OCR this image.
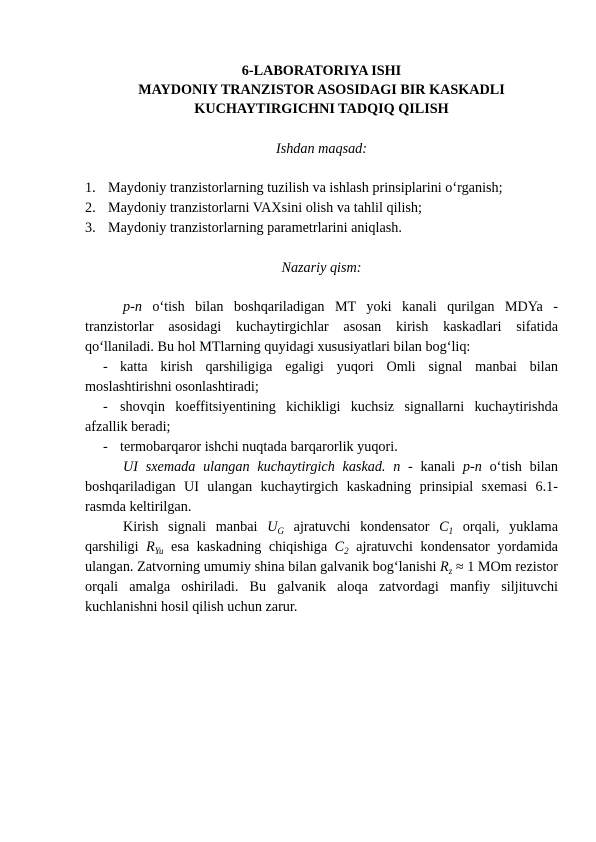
6-LABORATORIYA ISHI
MAYDONIY TRANZISTOR ASOSIDAGI BIR KASKADLI
KUCHAYTIRGICHNI TADQIQ QILISH
Ishdan maqsad:
1. Maydoniy tranzistorlarning tuzilish va ishlash prinsiplarini o‘rganish;
2. Maydoniy tranzistorlarni VAXsini olish va tahlil qilish;
3. Maydoniy tranzistorlarning parametrlarini aniqlash.
Nazariy qism:

p-n o‘tish bilan boshqariladigan MT yoki kanali qurilgan MDYa - tranzistorlar asosidagi kuchaytirgichlar asosan kirish kaskadlari sifatida qo‘llaniladi. Bu hol MTlarning quyidagi xususiyatlari bilan bog‘liq:

- katta kirish qarshiligiga egaligi yuqori Omli signal manbai bilan moslashtirishni osonlashtiradi;

- shovqin koeffitsiyentining kichikligi kuchsiz signallarni kuchaytirishda afzallik beradi;

- termobarqaror ishchi nuqtada barqarorlik yuqori.

UI sxemada ulangan kuchaytirgich kaskad. n - kanali p-n o‘tish bilan boshqariladigan UI ulangan kuchaytirgich kaskadning prinsipial sxemasi 6.1-rasmda keltirilgan.

Kirish signali manbai $U_G$ ajratuvchi kondensator $C_1$ orqali, yuklama qarshiligi $R_{Yu}$ esa kaskadning chiqishiga $C_2$ ajratuvchi kondensator yordamida ulangan. Zatvorning umumiy shina bilan galvanik bog‘lanishi $R_z \approx 1$ MOm rezistor orqali amalga oshiriladi. Bu galvanik aloqa zatvordagi manfiy siljituvchi kuchlanishni hosil qilish uchun zarur.
